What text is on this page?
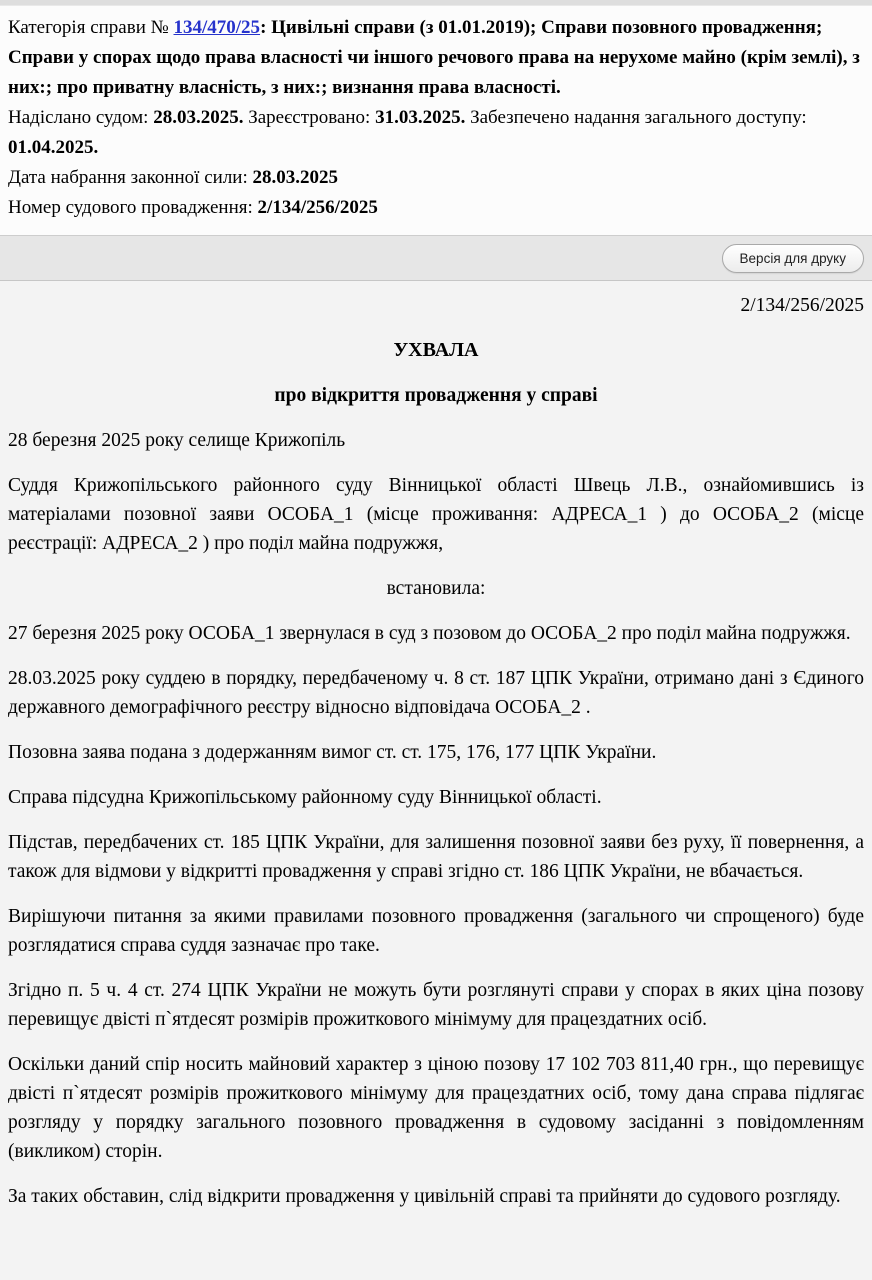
Категорія справи № 134/470/25: Цивільні справи (з 01.01.2019); Справи позовного провадження; Справи у спорах щодо права власності чи іншого речового права на нерухоме майно (крім землі), з них:; про приватну власність, з них:; визнання права власності.

Надіслано судом: 28.03.2025. Зареєстровано: 31.03.2025. Забезпечено надання загального доступу: 01.04.2025.

Дата набрання законної сили: 28.03.2025

Номер судового провадження: 2/134/256/2025

Версія для друку

2/134/256/2025

УХВАЛА

про відкриття провадження у справі

28 березня 2025 року селище Крижопіль

Суддя Крижопільського районного суду Вінницької області Швець Л.В., ознайомившись із матеріалами позовної заяви ОСОБА_1 (місце проживання: АДРЕСА_1 ) до ОСОБА_2 (місце реєстрації: АДРЕСА_2 ) про поділ майна подружжя,

встановила:

27 березня 2025 року ОСОБА_1 звернулася в суд з позовом до ОСОБА_2 про поділ майна подружжя.

28.03.2025 року суддею в порядку, передбаченому ч. 8 ст. 187 ЦПК України, отримано дані з Єдиного державного демографічного реєстру відносно відповідача ОСОБА_2 .

Позовна заява подана з додержанням вимог ст. ст. 175, 176, 177 ЦПК України.

Справа підсудна Крижопільському районному суду Вінницької області.

Підстав, передбачених ст. 185 ЦПК України, для залишення позовної заяви без руху, її повернення, а також для відмови у відкритті провадження у справі згідно ст. 186 ЦПК України, не вбачається.

Вирішуючи питання за якими правилами позовного провадження (загального чи спрощеного) буде розглядатися справа суддя зазначає про таке.

Згідно п. 5 ч. 4 ст. 274 ЦПК України не можуть бути розглянуті справи у спорах в яких ціна позову перевищує двісті п`ятдесят розмірів прожиткового мінімуму для працездатних осіб.

Оскільки даний спір носить майновий характер з ціною позову 17 102 703 811,40 грн., що перевищує двісті п`ятдесят розмірів прожиткового мінімуму для працездатних осіб, тому дана справа підлягає розгляду у порядку загального позовного провадження в судовому засіданні з повідомленням (викликом) сторін.

За таких обставин, слід відкрити провадження у цивільній справі та прийняти до судового розгляду.
